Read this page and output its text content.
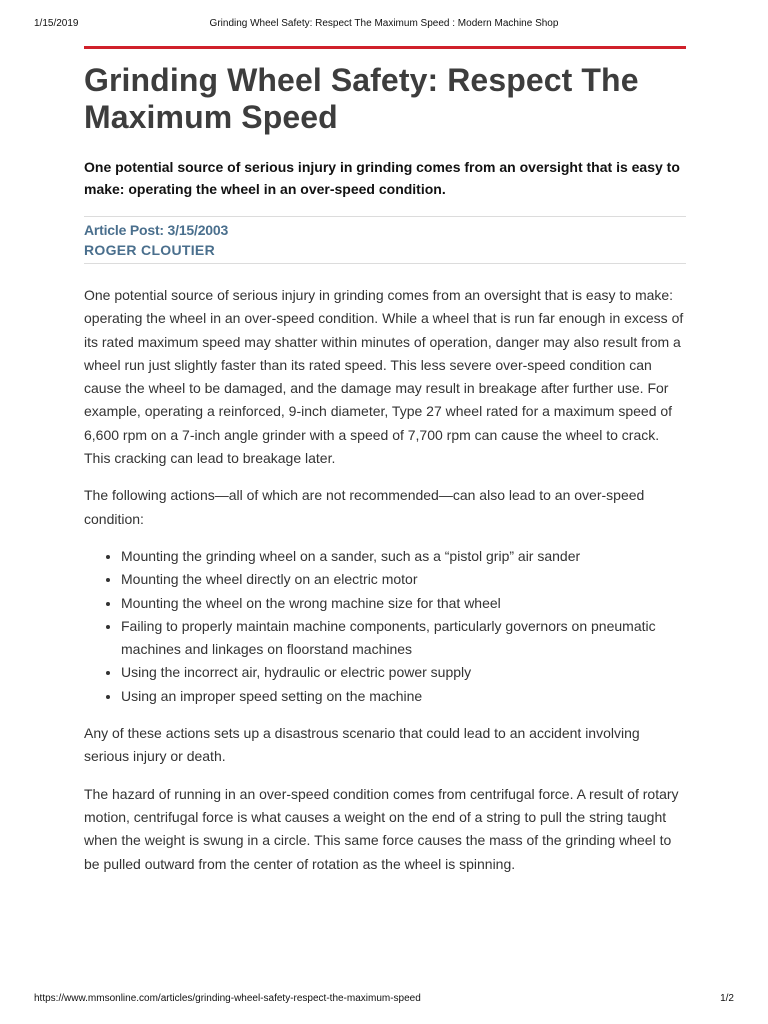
1/15/2019	Grinding Wheel Safety: Respect The Maximum Speed : Modern Machine Shop
Grinding Wheel Safety: Respect The Maximum Speed

One potential source of serious injury in grinding comes from an oversight that is easy to make: operating the wheel in an over-speed condition.

Article Post: 3/15/2003
ROGER CLOUTIER

One potential source of serious injury in grinding comes from an oversight that is easy to make: operating the wheel in an over-speed condition. While a wheel that is run far enough in excess of its rated maximum speed may shatter within minutes of operation, danger may also result from a wheel run just slightly faster than its rated speed. This less severe over-speed condition can cause the wheel to be damaged, and the damage may result in breakage after further use. For example, operating a reinforced, 9-inch diameter, Type 27 wheel rated for a maximum speed of 6,600 rpm on a 7-inch angle grinder with a speed of 7,700 rpm can cause the wheel to crack. This cracking can lead to breakage later.

The following actions—all of which are not recommended—can also lead to an over-speed condition:

• Mounting the grinding wheel on a sander, such as a “pistol grip” air sander
• Mounting the wheel directly on an electric motor
• Mounting the wheel on the wrong machine size for that wheel
• Failing to properly maintain machine components, particularly governors on pneumatic machines and linkages on floorstand machines
• Using the incorrect air, hydraulic or electric power supply
• Using an improper speed setting on the machine

Any of these actions sets up a disastrous scenario that could lead to an accident involving serious injury or death.

The hazard of running in an over-speed condition comes from centrifugal force. A result of rotary motion, centrifugal force is what causes a weight on the end of a string to pull the string taught when the weight is swung in a circle. This same force causes the mass of the grinding wheel to be pulled outward from the center of rotation as the wheel is spinning.

https://www.mmsonline.com/articles/grinding-wheel-safety-respect-the-maximum-speed	1/2
